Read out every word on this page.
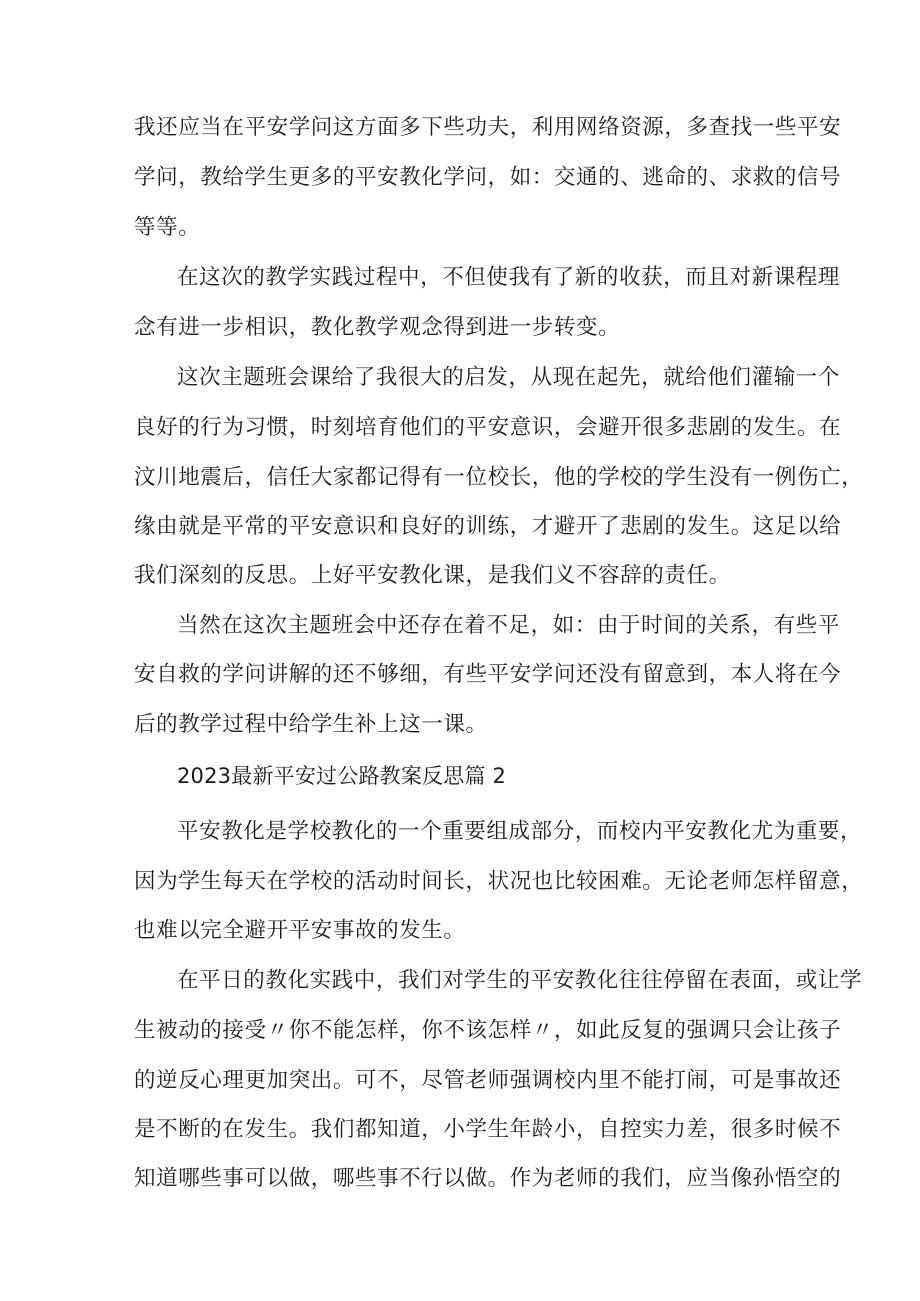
我还应当在平安学问这方面多下些功夫，利用网络资源，多查找一些平安
学问，教给学生更多的平安教化学问，如：交通的、逃命的、求救的信号
等等。
在这次的教学实践过程中，不但使我有了新的收获，而且对新课程理
念有进一步相识，教化教学观念得到进一步转变。
这次主题班会课给了我很大的启发，从现在起先，就给他们灌输一个
良好的行为习惯，时刻培育他们的平安意识，会避开很多悲剧的发生。在
汶川地震后，信任大家都记得有一位校长，他的学校的学生没有一例伤亡，
缘由就是平常的平安意识和良好的训练，才避开了悲剧的发生。这足以给
我们深刻的反思。上好平安教化课，是我们义不容辞的责任。
当然在这次主题班会中还存在着不足，如：由于时间的关系，有些平
安自救的学问讲解的还不够细，有些平安学问还没有留意到，本人将在今
后的教学过程中给学生补上这一课。
2023最新平安过公路教案反思篇 2
平安教化是学校教化的一个重要组成部分，而校内平安教化尤为重要，
因为学生每天在学校的活动时间长，状况也比较困难。无论老师怎样留意，
也难以完全避开平安事故的发生。
在平日的教化实践中，我们对学生的平安教化往往停留在表面，或让学
生被动的接受〃你不能怎样，你不该怎样〃，如此反复的强调只会让孩子
的逆反心理更加突出。可不，尽管老师强调校内里不能打闹，可是事故还
是不断的在发生。我们都知道，小学生年龄小，自控实力差，很多时候不
知道哪些事可以做，哪些事不行以做。作为老师的我们，应当像孙悟空的
